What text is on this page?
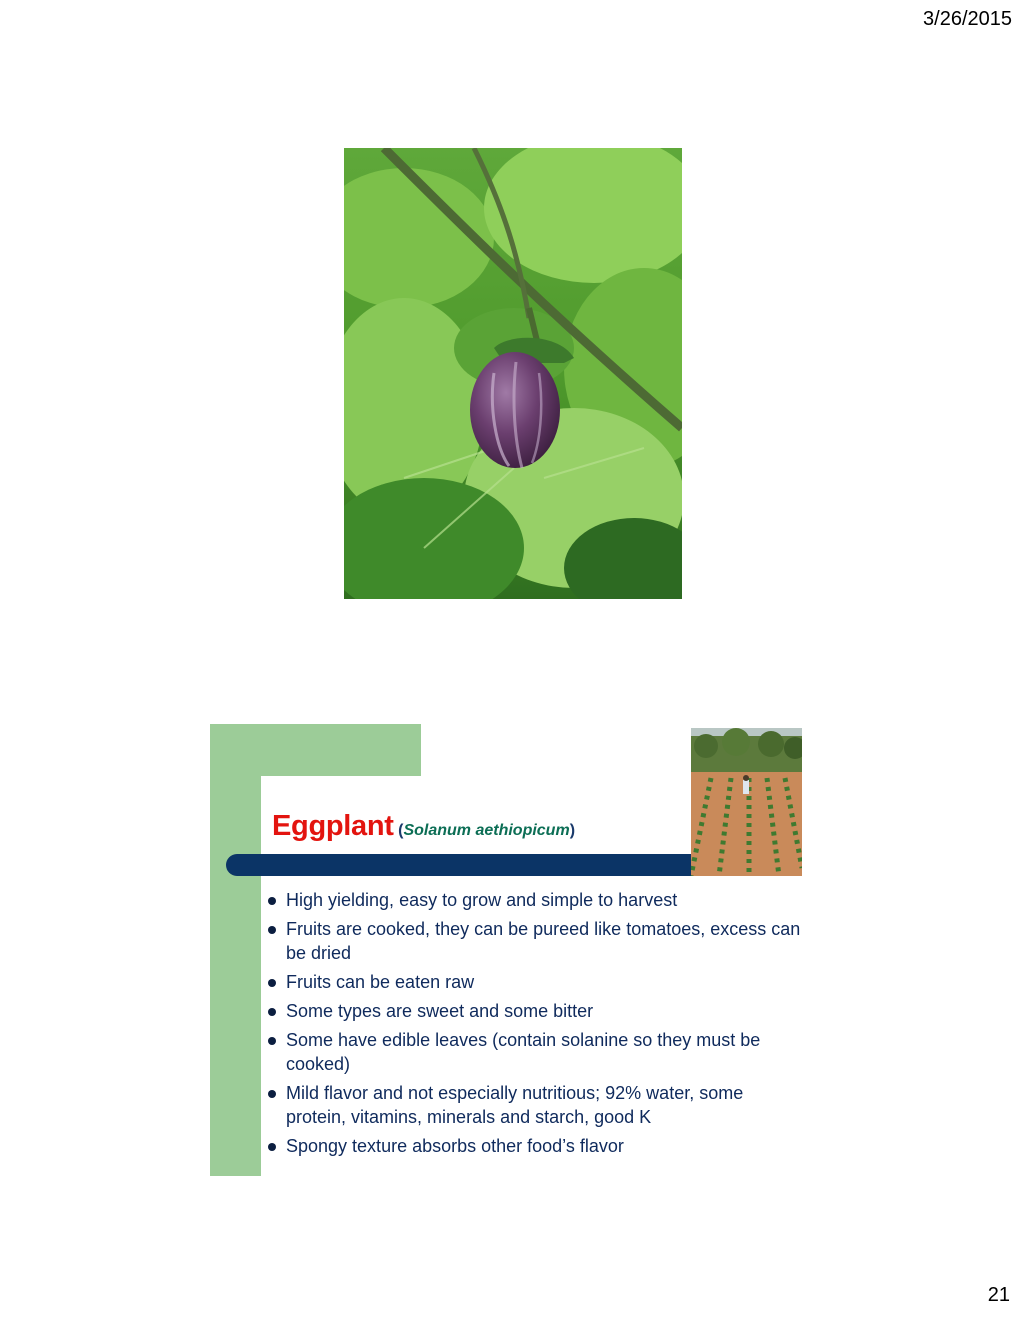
3/26/2015
Eggplant (Solanum aethiopicum)
High yielding, easy to grow and simple to harvest
Fruits are cooked, they can be pureed like tomatoes, excess can be dried
Fruits can be eaten raw
Some types are sweet and some bitter
Some have edible leaves (contain solanine so they must be cooked)
Mild flavor and not especially nutritious; 92% water, some protein, vitamins, minerals and starch, good K
Spongy texture absorbs other food’s flavor
21
